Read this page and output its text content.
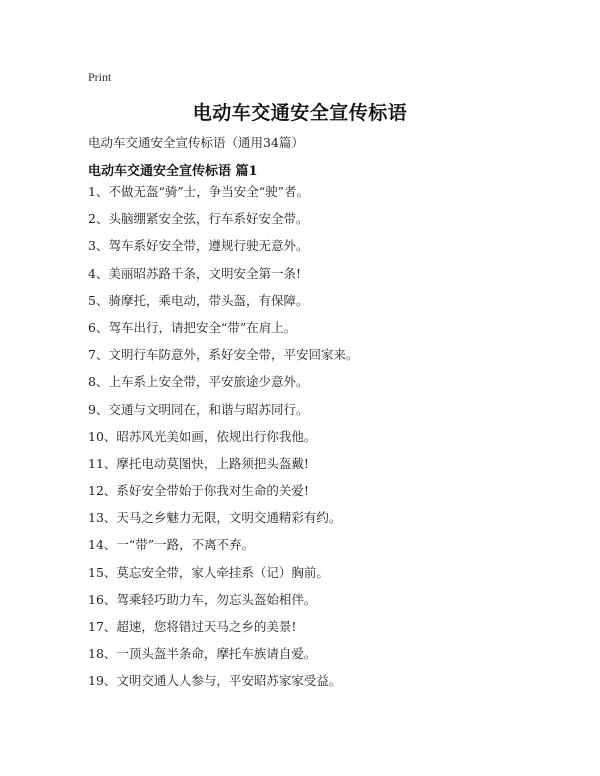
Print
电动车交通安全宣传标语
电动车交通安全宣传标语（通用34篇）
电动车交通安全宣传标语 篇1
1、不做无盔“骑”士，争当安全“驶”者。
2、头脑绷紧安全弦，行车系好安全带。
3、驾车系好安全带，遵规行驶无意外。
4、美丽昭苏路千条，文明安全第一条!
5、骑摩托，乘电动，带头盔，有保障。
6、驾车出行，请把安全“带”在肩上。
7、文明行车防意外，系好安全带，平安回家来。
8、上车系上安全带，平安旅途少意外。
9、交通与文明同在，和谐与昭苏同行。
10、昭苏风光美如画，依规出行你我他。
11、摩托电动莫图快，上路须把头盔戴!
12、系好安全带始于你我对生命的关爱!
13、天马之乡魅力无限，文明交通精彩有约。
14、一“带”一路，不离不弃。
15、莫忘安全带，家人牵挂系（记）胸前。
16、驾乘轻巧助力车，勿忘头盔始相伴。
17、超速，您将错过天马之乡的美景!
18、一顶头盔半条命，摩托车族请自爱。
19、文明交通人人参与，平安昭苏家家受益。
